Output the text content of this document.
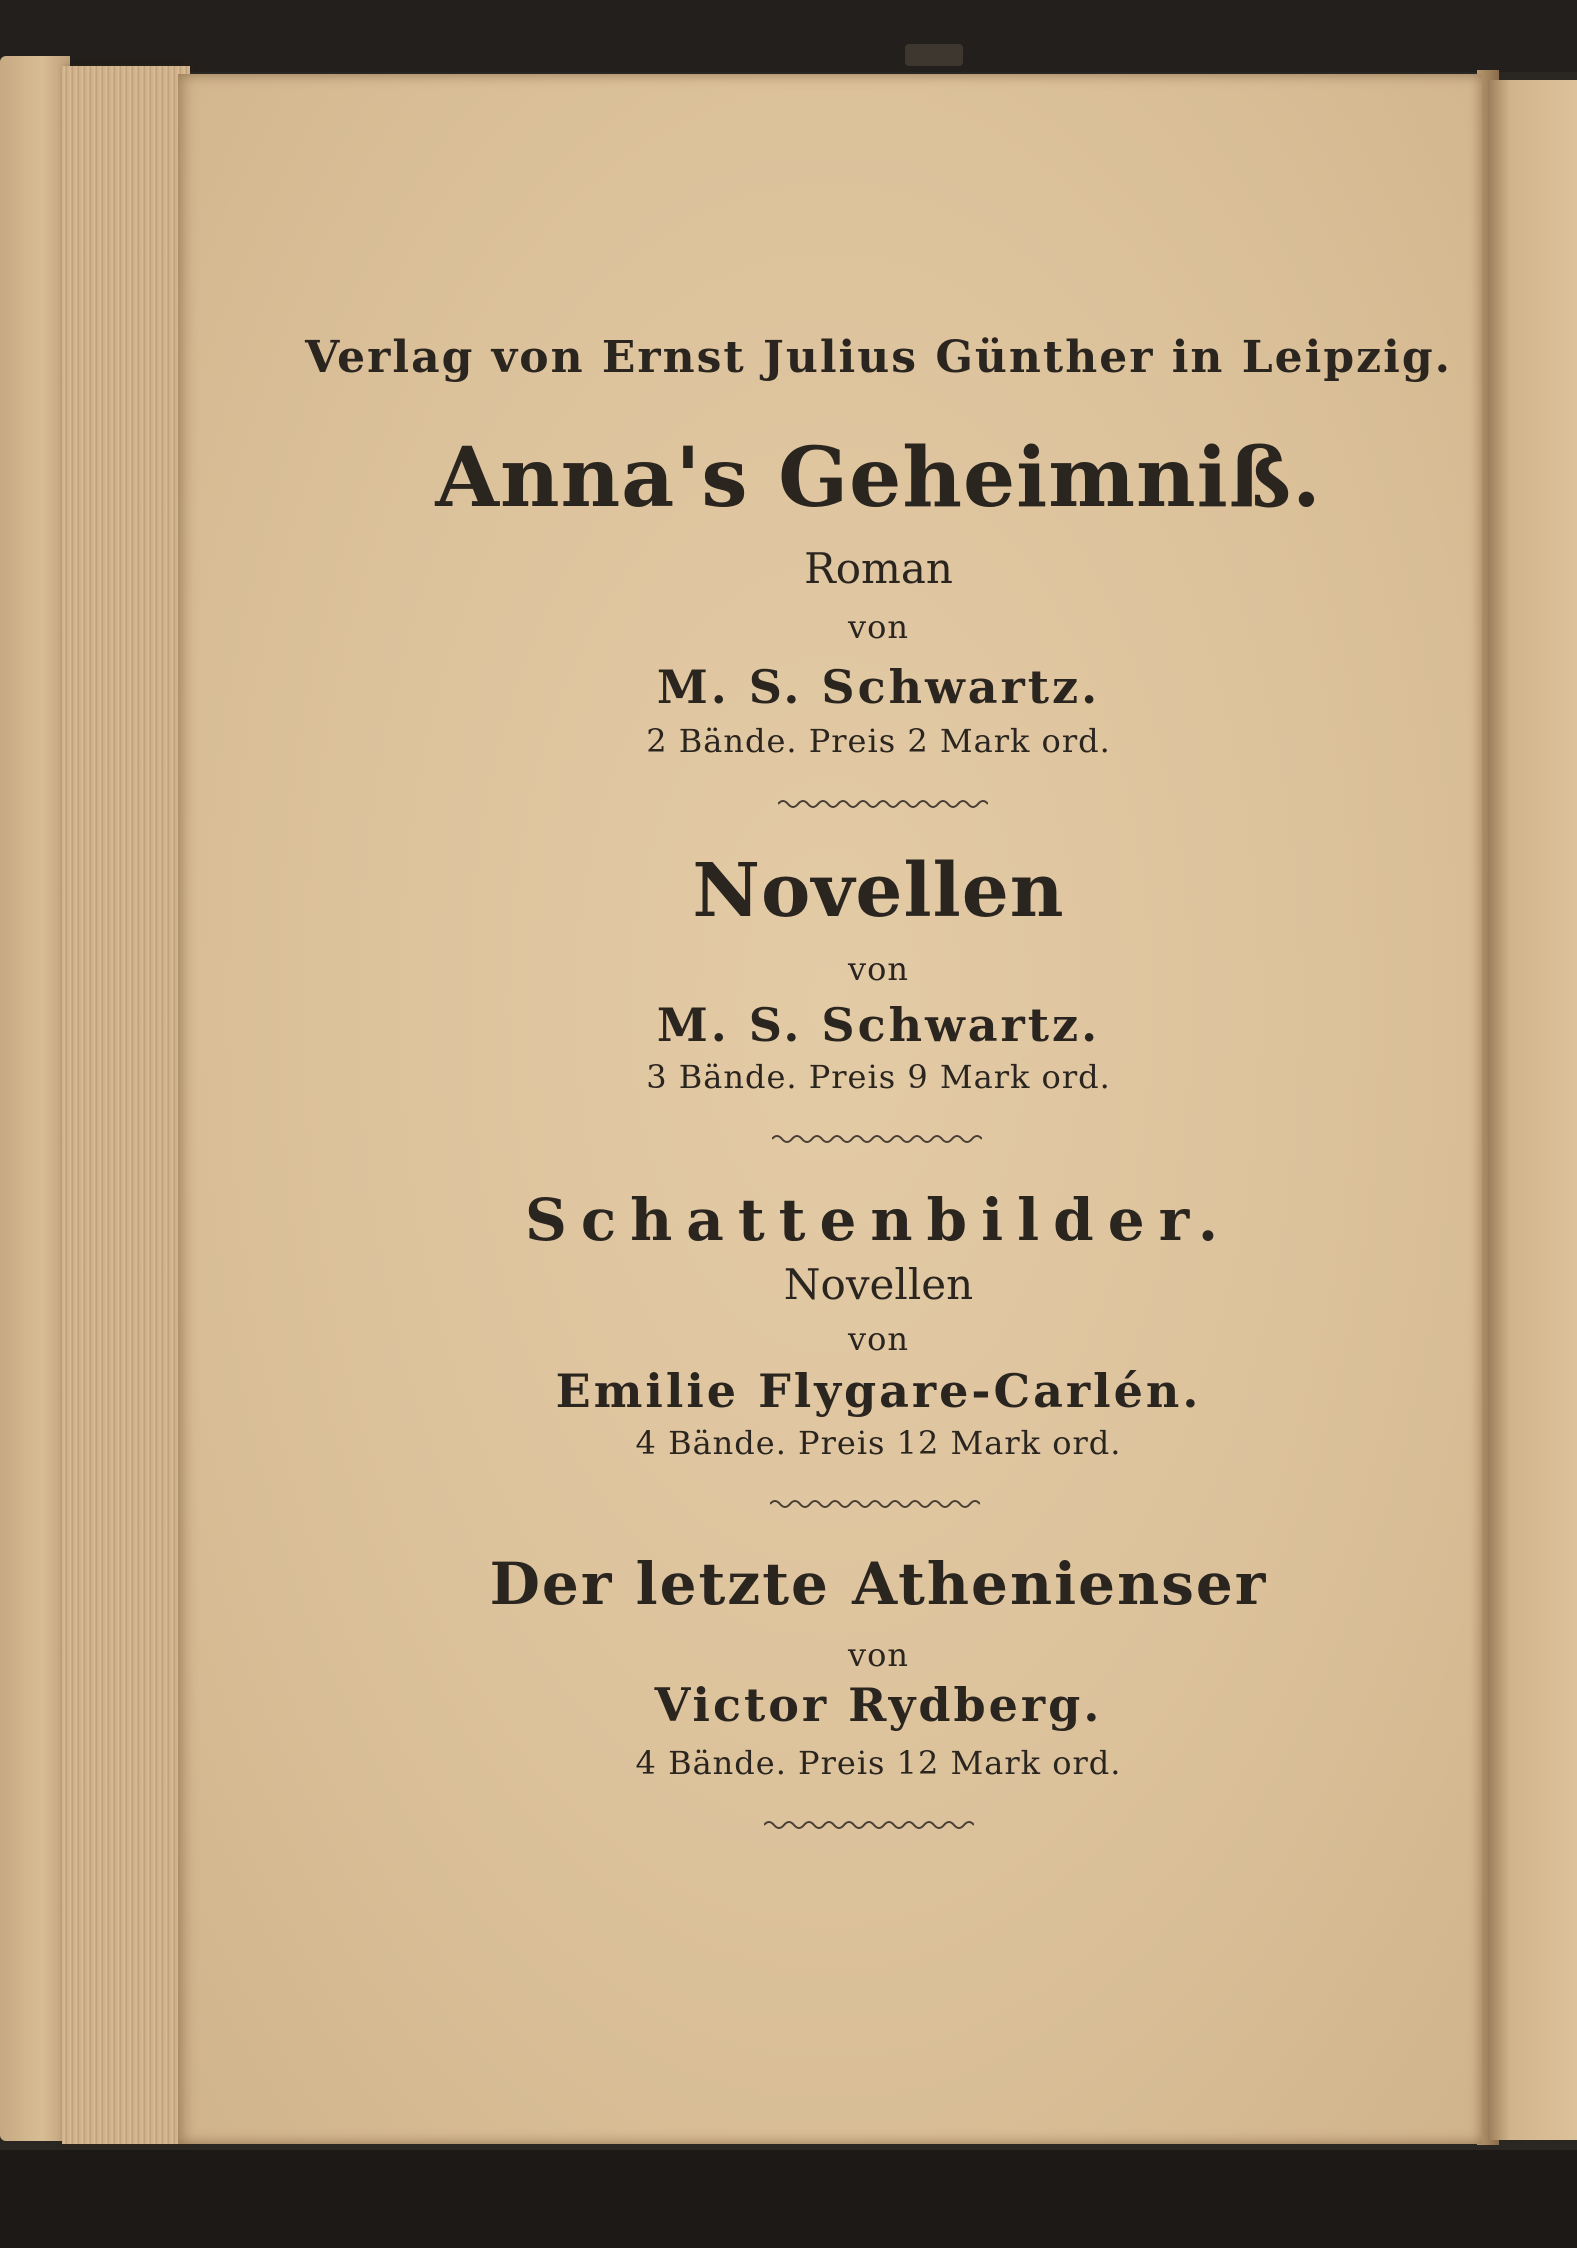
Verlag von Ernst Julius Günther in Leipzig.
Anna's Geheimniß.
Roman
von
M. S. Schwartz.
2 Bände. Preis 2 Mark ord.
Novellen
von
M. S. Schwartz.
3 Bände. Preis 9 Mark ord.
Schattenbilder.
Novellen
von
Emilie Flygare-Carlén.
4 Bände. Preis 12 Mark ord.
Der letzte Athenienser
von
Victor Rydberg.
4 Bände. Preis 12 Mark ord.
